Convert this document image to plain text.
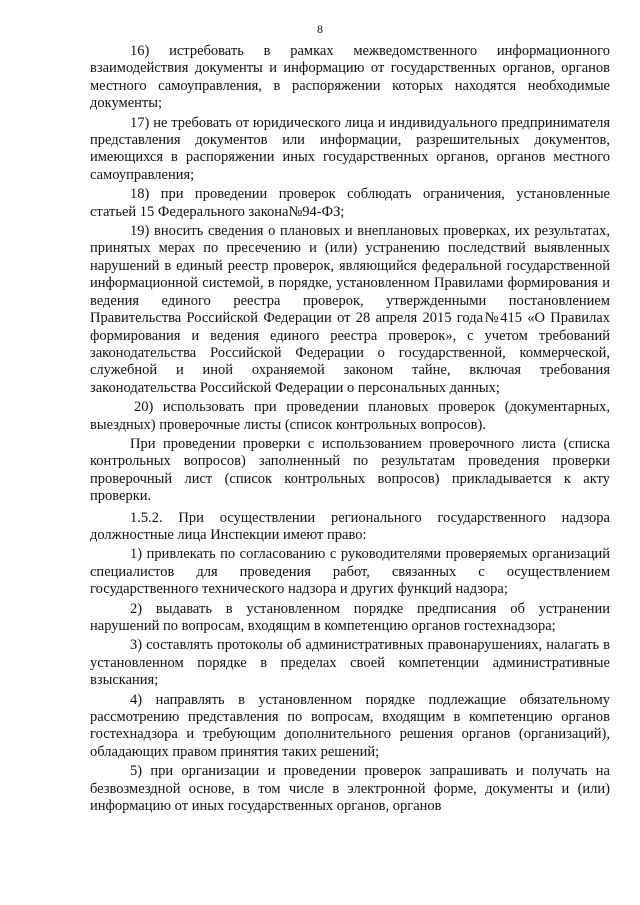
8

16) истребовать в рамках межведомственного информационного взаимодействия документы и информацию от государственных органов, органов местного самоуправления, в распоряжении которых находятся необходимые документы;

17) не требовать от юридического лица и индивидуального предпринимателя представления документов или информации, разрешительных документов, имеющихся в распоряжении иных государственных органов, органов местного самоуправления;

18) при проведении проверок соблюдать ограничения, установленные статьей 15 Федерального закона№94-ФЗ;

19) вносить сведения о плановых и внеплановых проверках, их результатах, принятых мерах по пресечению и (или) устранению последствий выявленных нарушений в единый реестр проверок, являющийся федеральной государственной информационной системой, в порядке, установленном Правилами формирования и ведения единого реестра проверок, утвержденными постановлением Правительства Российской Федерации от 28 апреля 2015 года№415 «О Правилах формирования и ведения единого реестра проверок», с учетом требований законодательства Российской Федерации о государственной, коммерческой, служебной и иной охраняемой законом тайне, включая требования законодательства Российской Федерации о персональных данных;

20) использовать при проведении плановых проверок (документарных, выездных) проверочные листы (список контрольных вопросов).

При проведении проверки с использованием проверочного листа (списка контрольных вопросов) заполненный по результатам проведения проверки проверочный лист (список контрольных вопросов) прикладывается к акту проверки.

1.5.2. При осуществлении регионального государственного надзора должностные лица Инспекции имеют право:

1) привлекать по согласованию с руководителями проверяемых организаций специалистов для проведения работ, связанных с осуществлением государственного технического надзора и других функций надзора;

2) выдавать в установленном порядке предписания об устранении нарушений по вопросам, входящим в компетенцию органов гостехнадзора;

3) составлять протоколы об административных правонарушениях, налагать в установленном порядке в пределах своей компетенции административные взыскания;

4) направлять в установленном порядке подлежащие обязательному рассмотрению представления по вопросам, входящим в компетенцию органов гостехнадзора и требующим дополнительного решения органов (организаций), обладающих правом принятия таких решений;

5) при организации и проведении проверок запрашивать и получать на безвозмездной основе, в том числе в электронной форме, документы и (или) информацию от иных государственных органов, органов
